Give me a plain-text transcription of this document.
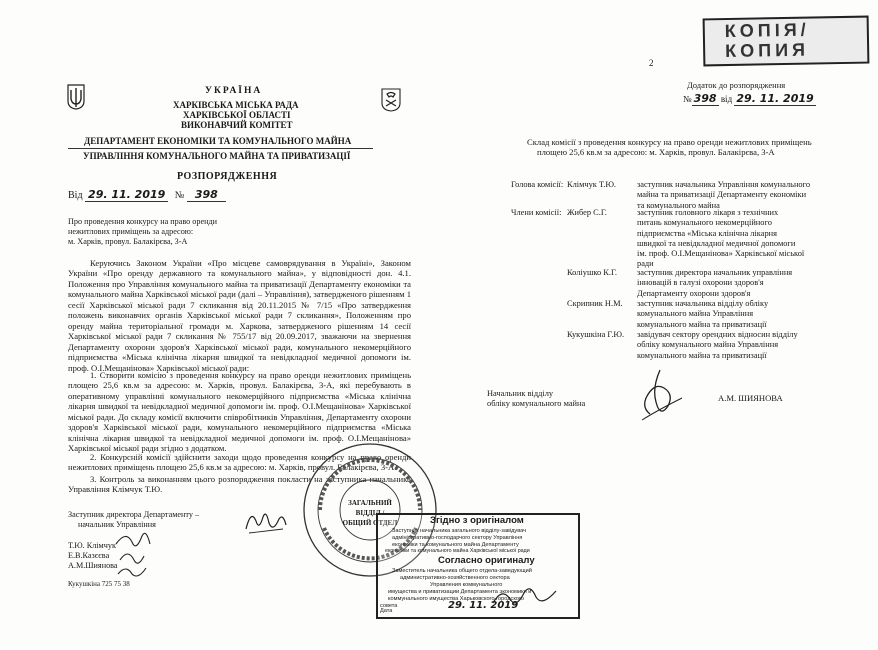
УКРАЇНА
ХАРКІВСЬКА МІСЬКА РАДА
ХАРКІВСЬКОЇ ОБЛАСТІ
ВИКОНАВЧИЙ КОМІТЕТ
ДЕПАРТАМЕНТ ЕКОНОМІКИ ТА КОМУНАЛЬНОГО МАЙНА
УПРАВЛІННЯ КОМУНАЛЬНОГО МАЙНА ТА ПРИВАТИЗАЦІЇ
РОЗПОРЯДЖЕННЯ
Від 29. 11. 2019 № 398
Про проведення конкурсу на право оренди
нежитлових приміщень за адресою:
м. Харків, провул. Балакірєва, 3-А
Керуючись Законом України «Про місцеве самоврядування в Україні», Законом України «Про оренду державного та комунального майна», у відповідності дон. 4.1. Положення про Управління комунального майна та приватизації Департаменту економіки та комунального майна Харківської міської ради (далі – Управління), затвердженого рішенням 1 сесії Харківської міської ради 7 скликання від 20.11.2015 № 7/15 «Про затвердження положень виконавчих органів Харківської міської ради 7 скликання», Положенням про оренду майна територіальної громади м. Харкова, затвердженого рішенням 14 сесії Харківської міської ради 7 скликання № 755/17 від 20.09.2017, зважаючи на звернення Департаменту охорони здоров'я Харківської міської ради, комунального некомерційного підприємства «Міська клінічна лікарня швидкої та невідкладної медичної допомоги ім. проф. О.І.Мещанінова» Харківської міської ради:
1. Створити комісію з проведення конкурсу на право оренди нежитлових приміщень площею 25,6 кв.м за адресою: м. Харків, провул. Балакірєва, 3-А, які перебувають в оперативному управлінні комунального некомерційного підприємства «Міська клінічна лікарня швидкої та невідкладної медичної допомоги ім. проф. О.І.Мещанінова» Харківської міської ради. До складу комісії включити співробітників Управління, Департаменту охорони здоров'я Харківської міської ради, комунального некомерційного підприємства «Міська клінічна лікарня швидкої та невідкладної медичної допомоги ім. проф. О.І.Мещанінова» Харківської міської ради згідно з додатком.
2. Конкурсній комісії здійснити заходи щодо проведення конкурсу на право оренди нежитлових приміщень площею 25,6 кв.м за адресою: м. Харків, провул. Балакірєва, 3-А.
3. Контроль за виконанням цього розпорядження покласти на заступника начальника Управління Клімчук Т.Ю.
Заступник директора Департаменту –
начальник Управління
Т.Ю. Клімчук
Е.В.Казєєва
А.М.Шиянова
Кукушкіна 725 75 38
2
КОПІЯ/
КОПИЯ
Додаток до розпорядження
№ 398 від 29. 11. 2019
Склад комісії з проведення конкурсу на право оренди нежитлових приміщень
площею 25,6 кв.м за адресою: м. Харків, провул. Балакірєва, 3-А
Голова комісії: Клімчук Т.Ю. заступник начальника Управління комунального
майна та приватизації Департаменту економіки
та комунального майна
Члени комісії: Жибер С.Г.	заступник головного лікаря з технічних
питань комунального некомерційного
підприємства «Міська клінічна лікарня
швидкої та невідкладної медичної допомоги
ім. проф. О.І.Мещанінова» Харківської міської
ради
Коліушко К.Г. заступник директора начальник управління
інновацій в галузі охорони здоров'я
Департаменту охорони здоров'я
Скрипник Н.М. заступник начальника відділу обліку
комунального майна Управління
комунального майна та приватизації
Кукушкіна Г.Ю. завідувач сектору орендних відносин відділу
обліку комунального майна Управління
комунального майна та приватизації
Начальник відділу
обліку комунального майна
А.М. ШИЯНОВА
ЗАГАЛЬНИЙ
ВІДДІЛ /
ОБЩИЙ ОТДЕЛ	Згідно з оригіналом
Заступник начальника загального відділу-завідувач
адміністративно-господарчого сектору Управління
економіки та комунального майна Департаменту
економіки та комунального майна Харківської міської ради
Согласно оригиналу
Заместитель начальника общего отдела-заведующий
административно-хозяйственного сектора
Управления коммунального
имущества и приватизации Департамента экономики и
коммунального имущества Харьковского городского
совета
Дата	29. 11. 2019
